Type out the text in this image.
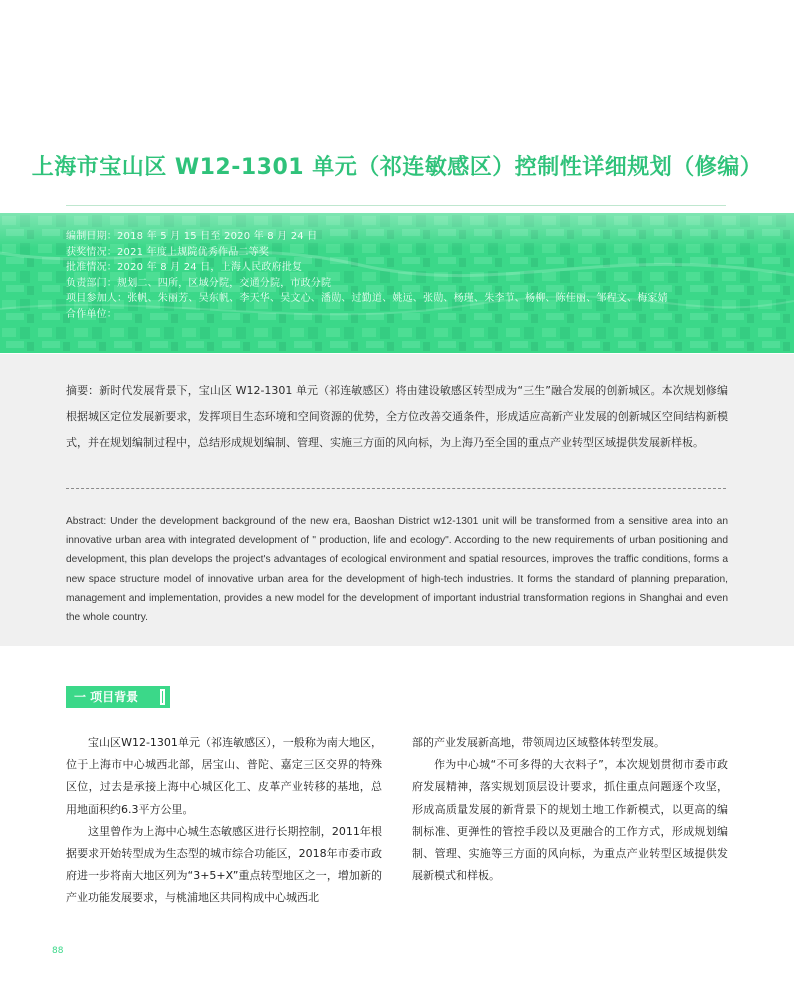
上海市宝山区 W12-1301 单元（祁连敏感区）控制性详细规划（修编）
编制日期：2018 年 5 月 15 日至 2020 年 8 月 24 日
获奖情况：2021 年度上规院优秀作品二等奖
批准情况：2020 年 8 月 24 日，上海人民政府批复
负责部门：规划二、四所，区域分院，交通分院，市政分院
项目参加人：张帆、朱丽芳、吴东帆、李天华、吴文心、潘勋、过勤道、姚远、张勋、杨瑾、朱李节、杨柳、陈佳丽、邹程文、梅家婧
合作单位：
摘要：新时代发展背景下，宝山区 W12-1301 单元（祁连敏感区）将由建设敏感区转型成为“三生”融合发展的创新城区。本次规划修编根据城区定位发展新要求，发挥项目生态环境和空间资源的优势，全方位改善交通条件，形成适应高新产业发展的创新城区空间结构新模式，并在规划编制过程中，总结形成规划编制、管理、实施三方面的风向标，为上海乃至全国的重点产业转型区域提供发展新样板。
Abstract: Under the development background of the new era, Baoshan District w12-1301 unit will be transformed from a sensitive area into an innovative urban area with integrated development of " production, life and ecology". According to the new requirements of urban positioning and development, this plan develops the project's advantages of ecological environment and spatial resources, improves the traffic conditions, forms a new space structure model of innovative urban area for the development of high-tech industries. It forms the standard of planning preparation, management and implementation, provides a new model for the development of important industrial transformation regions in Shanghai and even the whole country.
一 项目背景

宝山区W12-1301单元（祁连敏感区），一般称为南大地区，位于上海市中心城西北部，居宝山、普陀、嘉定三区交界的特殊区位，过去是承接上海中心城区化工、皮革产业转移的基地，总用地面积约6.3平方公里。

这里曾作为上海中心城生态敏感区进行长期控制，2011年根据要求开始转型成为生态型的城市综合功能区，2018年市委市政府进一步将南大地区列为“3+5+X”重点转型地区之一，增加新的产业功能发展要求，与桃浦地区共同构成中心城西北

部的产业发展新高地，带领周边区域整体转型发展。

作为中心城“不可多得的大衣料子”，本次规划贯彻市委市政府发展精神，落实规划顶层设计要求，抓住重点问题逐个攻坚，形成高质量发展的新背景下的规划土地工作新模式，以更高的编制标准、更弹性的管控手段以及更融合的工作方式，形成规划编制、管理、实施等三方面的风向标，为重点产业转型区域提供发展新模式和样板。

88
